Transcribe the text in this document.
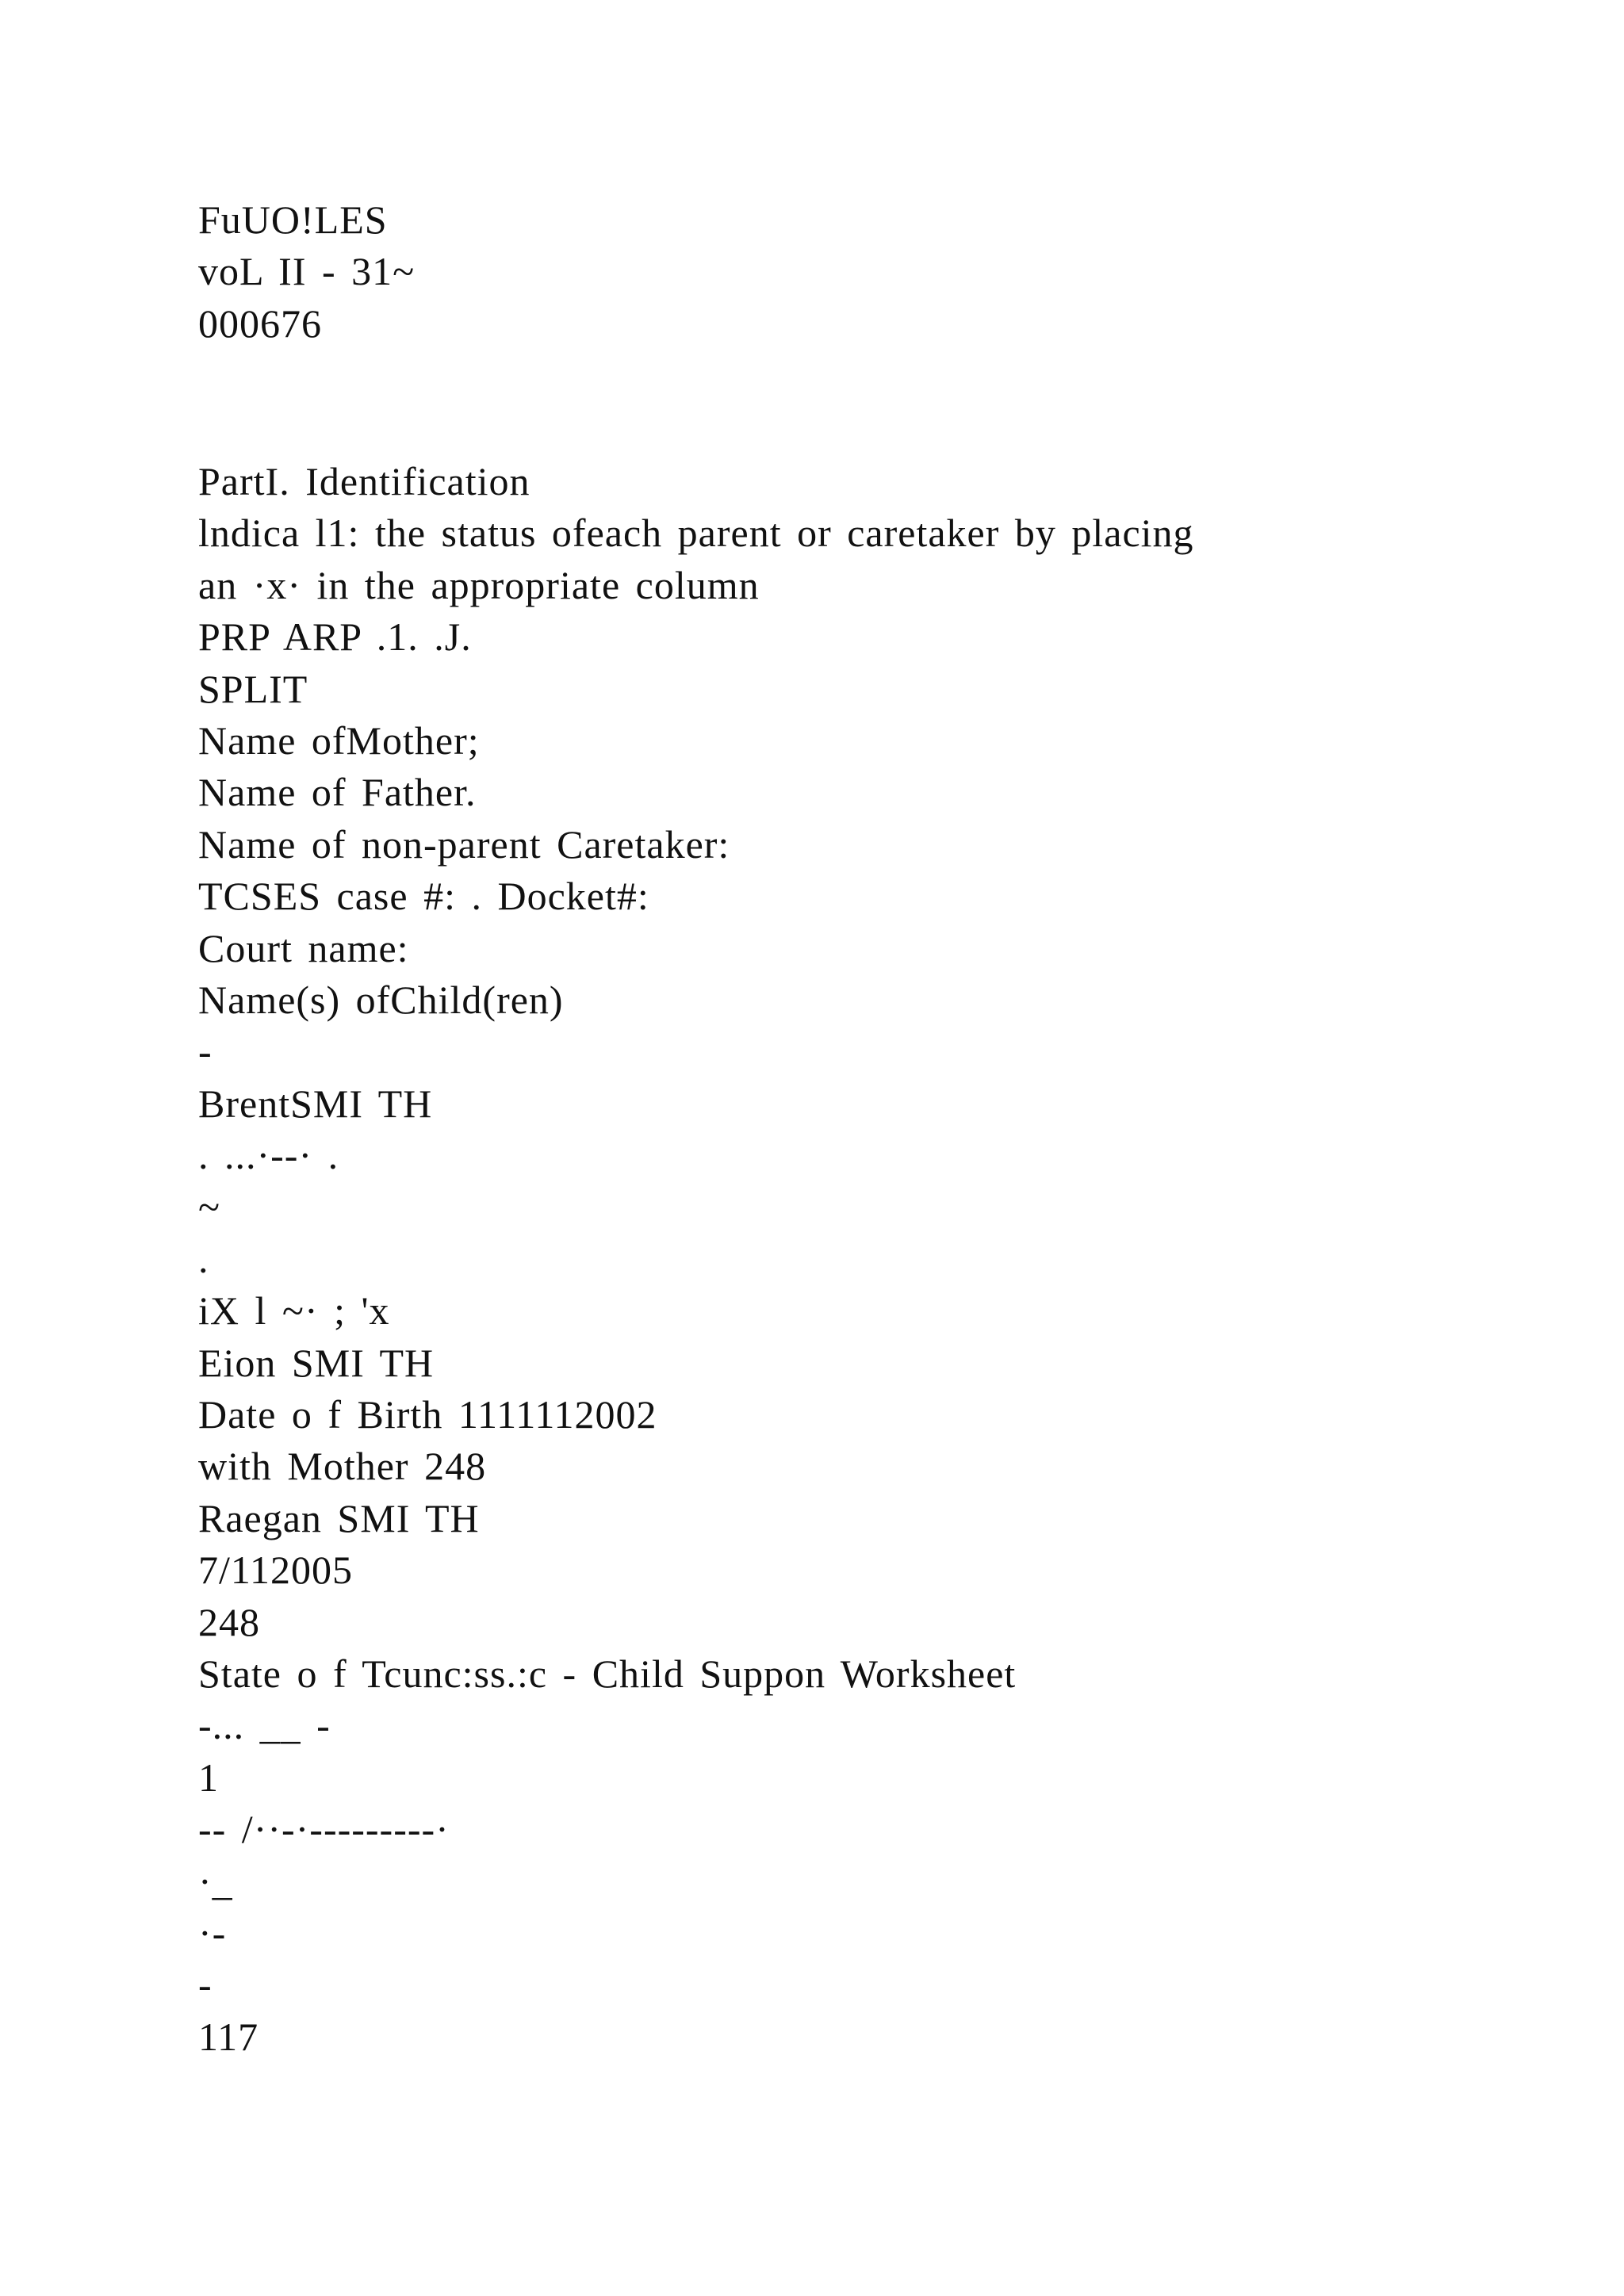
FuUO!LES
voL II - 31~
000676
PartI. Identification
lndica l1: the status ofeach parent or caretaker by placing
an ·x· in the appropriate column
PRP ARP .1. .J.
SPLIT
Name ofMother;
Name of Father.
Name of non-parent Caretaker:
TCSES case #: . Docket#:
Court name:
Name(s) ofChild(ren)
-
BrentSMI TH
. ...·--· .
~
.
iX l ~· ; 'x
Eion SMI TH
Date o f Birth 1111112002
with Mother 248
Raegan SMI TH
7/112005
248
State o f Tcunc:ss.:c - Child Suppon Worksheet
-... __ -
1
-- /··-·---------·
·_
·-
-
117
